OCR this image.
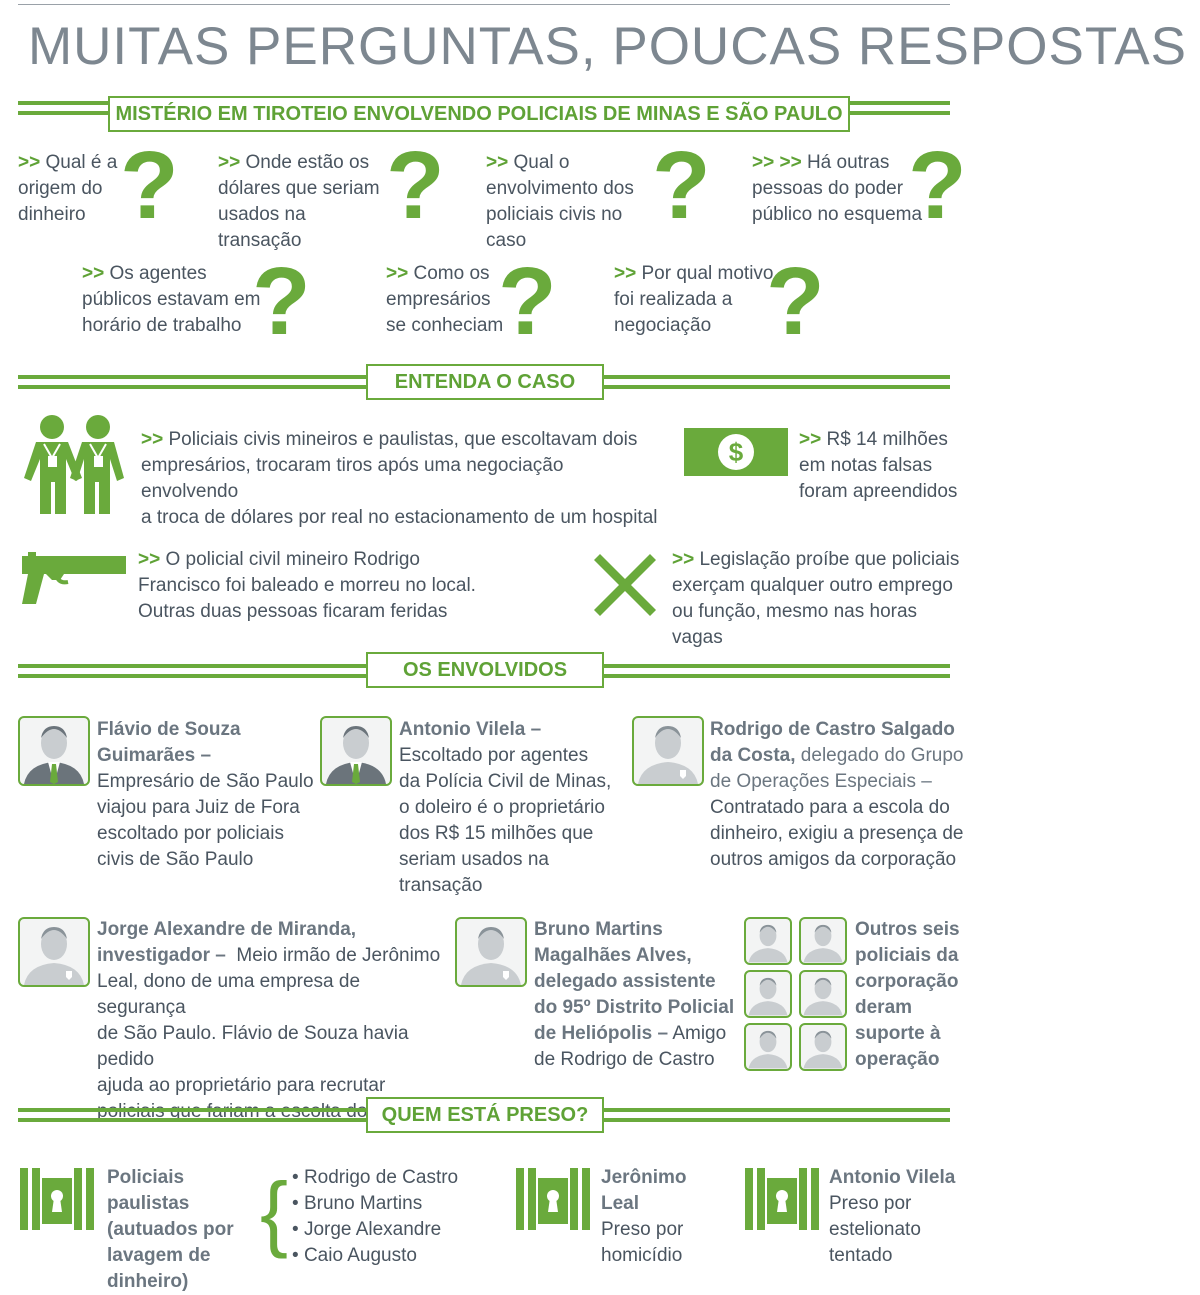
MUITAS PERGUNTAS, POUCAS RESPOSTAS
MISTÉRIO EM TIROTEIO ENVOLVENDO POLICIAIS DE MINAS E SÃO PAULO
>> Qual é a
origem do
dinheiro ? >> Onde estão os
dólares que seriam
usados na transação
? >> Qual o
envolvimento dos
policiais civis no caso
? >> >> Há outras
pessoas do poder
público no esquema
?
>> Os agentes
públicos estavam em
horário de trabalho ?	>> Como os
empresários
se conheciam
?	>> Por qual motivo
foi realizada a
negociação ?
ENTENDA O CASO
>> Policiais civis mineiros e paulistas, que escoltavam dois
empresários, trocaram tiros após uma negociação envolvendo
a troca de dólares por real no estacionamento de um hospital
$	>> R$ 14 milhões
em notas falsas
foram apreendidos
>> O policial civil mineiro Rodrigo
Francisco foi baleado e morreu no local.
Outras duas pessoas ficaram feridas
>> Legislação proíbe que policiais
exerçam qualquer outro emprego
ou função, mesmo nas horas vagas
OS ENVOLVIDOS
Flávio de Souza
Guimarães –
Empresário de São Paulo
viajou para Juiz de Fora
escoltado por policiais
civis de São Paulo
Antonio Vilela –
Escoltado por agentes
da Polícia Civil de Minas,
o doleiro é o proprietário
dos R$ 15 milhões que
seriam usados na transação
Rodrigo de Castro Salgado
da Costa, delegado do Grupo
de Operações Especiais –
Contratado para a escola do
dinheiro, exigiu a presença de
outros amigos da corporação
Jorge Alexandre de Miranda,
investigador – Meio irmão de Jerônimo
Leal, dono de uma empresa de segurança
de São Paulo. Flávio de Souza havia pedido
ajuda ao proprietário para recrutar

Bruno Martins
Magalhães Alves,
delegado assistente
do 95º Distrito Policial
de Heliópolis – Amigo
de Rodrigo de Castro
Outros seis
policiais da
corporação
deram
suporte à
operação
QUEM ESTÁ PRESO?
Policiais paulistas
(autuados por
lavagem de
dinheiro)
{ • Rodrigo de Castro
• Bruno Martins
• Jorge Alexandre
• Caio Augusto
Jerônimo
Leal
Preso por
homicídio
Antonio Vilela
Preso por
estelionato
tentado
